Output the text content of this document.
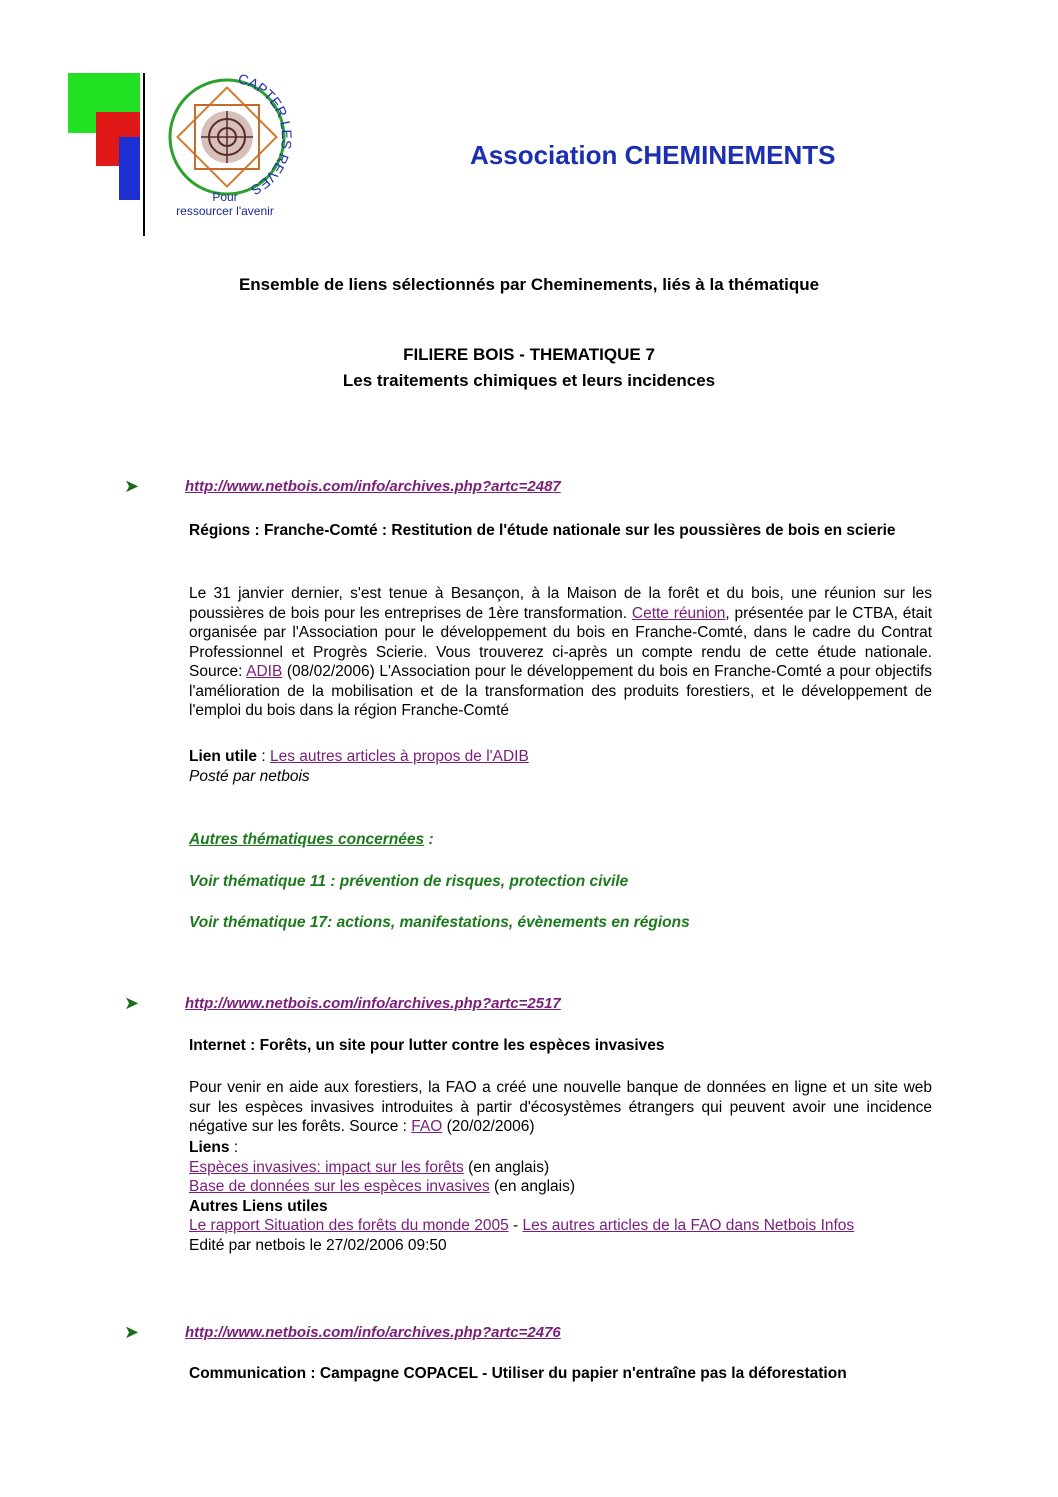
CAPTER LES REVES
Pour
ressourcer l'avenir
Association CHEMINEMENTS
Ensemble de liens sélectionnés par Cheminements, liés à la thématique
FILIERE BOIS - THEMATIQUE 7
Les traitements chimiques et leurs incidences
➤	http://www.netbois.com/info/archives.php?artc=2487
Régions : Franche-Comté : Restitution de l'étude nationale sur les poussières de bois en scierie
Le 31 janvier dernier, s'est tenue à Besançon, à la Maison de la forêt et du bois, une réunion sur les poussières de bois pour les entreprises de 1ère transformation. Cette réunion, présentée par le CTBA, était organisée par l'Association pour le développement du bois en Franche-Comté, dans le cadre du Contrat Professionnel et Progrès Scierie. Vous trouverez ci-après un compte rendu de cette étude nationale. Source: ADIB (08/02/2006) L'Association pour le développement du bois en Franche-Comté a pour objectifs l'amélioration de la mobilisation et de la transformation des produits forestiers, et le développement de l'emploi du bois dans la région Franche-Comté
Lien utile : Les autres articles à propos de l'ADIB
Posté par netbois
Autres thématiques concernées :
Voir thématique 11 : prévention de risques, protection civile
Voir thématique 17: actions, manifestations, évènements en régions
➤	http://www.netbois.com/info/archives.php?artc=2517
Internet : Forêts, un site pour lutter contre les espèces invasives
Pour venir en aide aux forestiers, la FAO a créé une nouvelle banque de données en ligne et un site web sur les espèces invasives introduites à partir d'écosystèmes étrangers qui peuvent avoir une incidence négative sur les forêts. Source : FAO (20/02/2006)
Liens :
Espèces invasives: impact sur les forêts (en anglais)
Base de données sur les espèces invasives (en anglais)
Autres Liens utiles
Le rapport Situation des forêts du monde 2005 - Les autres articles de la FAO dans Netbois Infos
Edité par netbois le 27/02/2006 09:50
➤	http://www.netbois.com/info/archives.php?artc=2476
Communication : Campagne COPACEL - Utiliser du papier n'entraîne pas la déforestation
